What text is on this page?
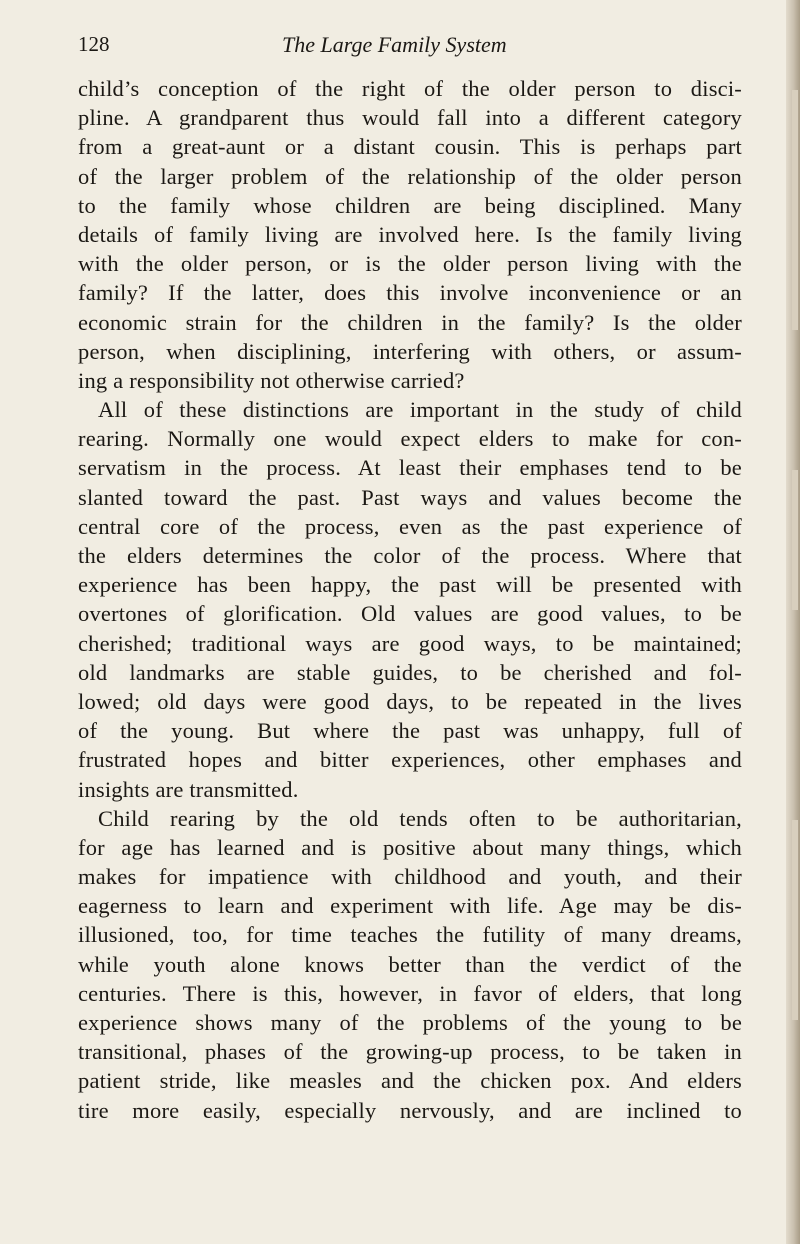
128	The Large Family System
child’s conception of the right of the older person to disci-
pline. A grandparent thus would fall into a different category
from a great-aunt or a distant cousin. This is perhaps part
of the larger problem of the relationship of the older person
to the family whose children are being disciplined. Many
details of family living are involved here. Is the family living
with the older person, or is the older person living with the
family? If the latter, does this involve inconvenience or an
economic strain for the children in the family? Is the older
person, when disciplining, interfering with others, or assum-
ing a responsibility not otherwise carried?
All of these distinctions are important in the study of child
rearing. Normally one would expect elders to make for con-
servatism in the process. At least their emphases tend to be
slanted toward the past. Past ways and values become the
central core of the process, even as the past experience of
the elders determines the color of the process. Where that
experience has been happy, the past will be presented with
overtones of glorification. Old values are good values, to be
cherished; traditional ways are good ways, to be maintained;
old landmarks are stable guides, to be cherished and fol-
lowed; old days were good days, to be repeated in the lives
of the young. But where the past was unhappy, full of
frustrated hopes and bitter experiences, other emphases and
insights are transmitted.
Child rearing by the old tends often to be authoritarian,
for age has learned and is positive about many things, which
makes for impatience with childhood and youth, and their
eagerness to learn and experiment with life. Age may be dis-
illusioned, too, for time teaches the futility of many dreams,
while youth alone knows better than the verdict of the
centuries. There is this, however, in favor of elders, that long
experience shows many of the problems of the young to be
transitional, phases of the growing-up process, to be taken in
patient stride, like measles and the chicken pox. And elders
tire more easily, especially nervously, and are inclined to
